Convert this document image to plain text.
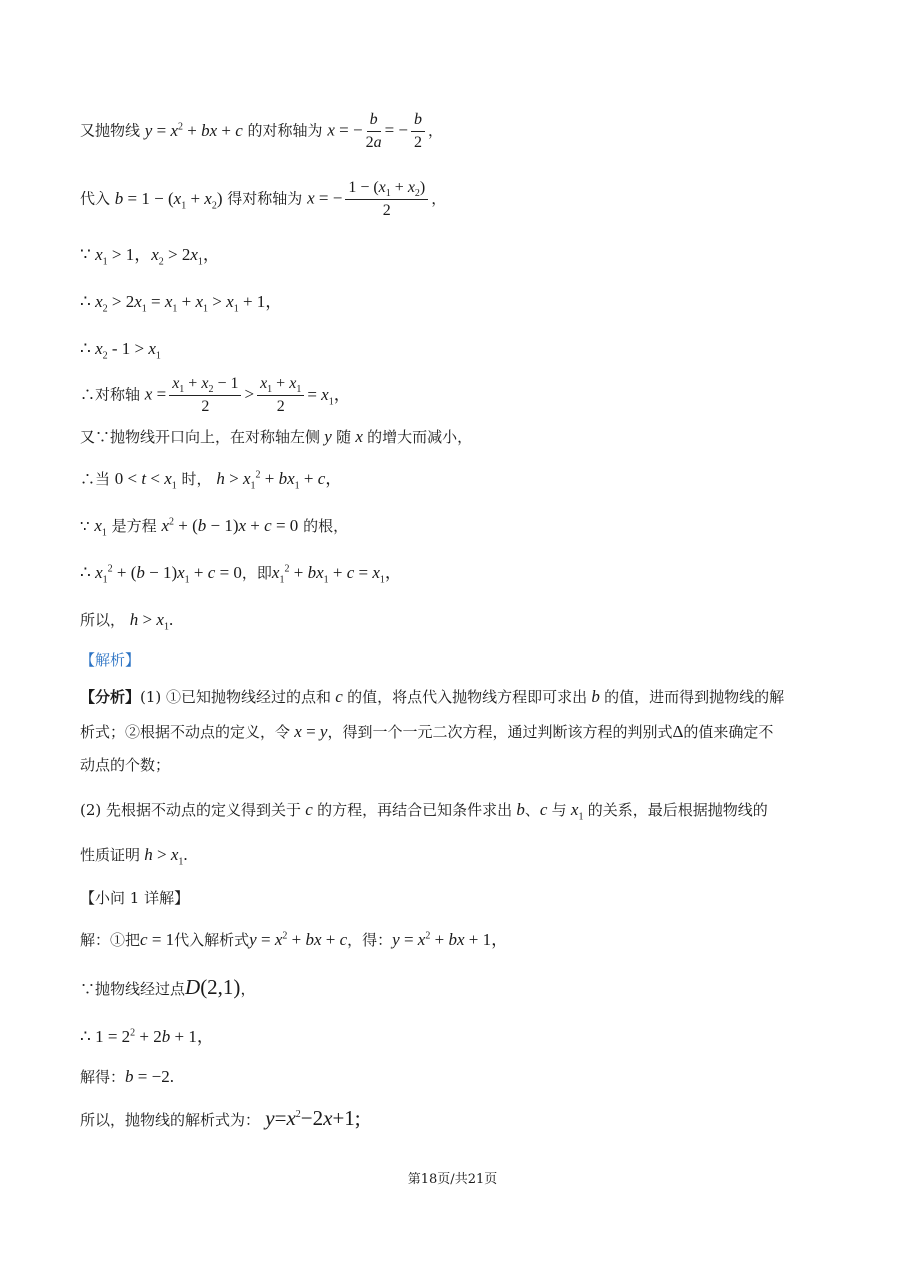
又抛物线 $y = x^2$ + bx + c 的对称轴为 x = − $\frac{b}{2a}$ = − $\frac{b}{2}$ ，
代入 $b = 1 - (x_1 + x_2)$ 得对称轴为 x = − $\frac{1 - (x_1 + x_2)}{2}$ ，
∵ $x_1 > 1$，$x_2 > 2x_1$，
∴ $x_2 > 2x_1 = x_1 + x_1 > x_1 + 1$，
∴ $x_2 - 1 > x_1$
∴对称轴 $x = \frac{x_1 + x_2 - 1}{2} > \frac{x_1 + x_1}{2} = x_1$，
又∵抛物线开口向上，在对称轴左侧 y 随 x 的增大而减小，
∴当 $0 < t < x_1$ 时， $h > x_1^2 + bx_1 + c$，
∵ $x_1$ 是方程 $x^2 + (b - 1)x + c = 0$ 的根，
∴ $x_1^2 + (b - 1)x_1 + c = 0$，即$x_1^2 + bx_1 + c = x_1$，
所以， $h > x_1$.
【解析】
【分析】(1) ①已知抛物线经过的点和 c 的值，将点代入抛物线方程即可求出 b 的值，进而得到抛物线的解
析式；②根据不动点的定义，令 x = y，得到一个一元二次方程，通过判断该方程的判别式Δ的值来确定不
动点的个数；
(2) 先根据不动点的定义得到关于 c 的方程，再结合已知条件求出 b、c 与 $x_1$ 的关系，最后根据抛物线的
性质证明 $h > x_1$.
【小问 1 详解】
解：①把c = 1代入解析式$y = x^2$ + bx + c，得：$y = x^2$ + bx + 1，
∵抛物线经过点D(2,1)，
∴ $1 = 2^2 + 2b + 1$，
解得：b = −2.
所以，抛物线的解析式为： $y=x^2-2x+1$;
第18页/共21页
